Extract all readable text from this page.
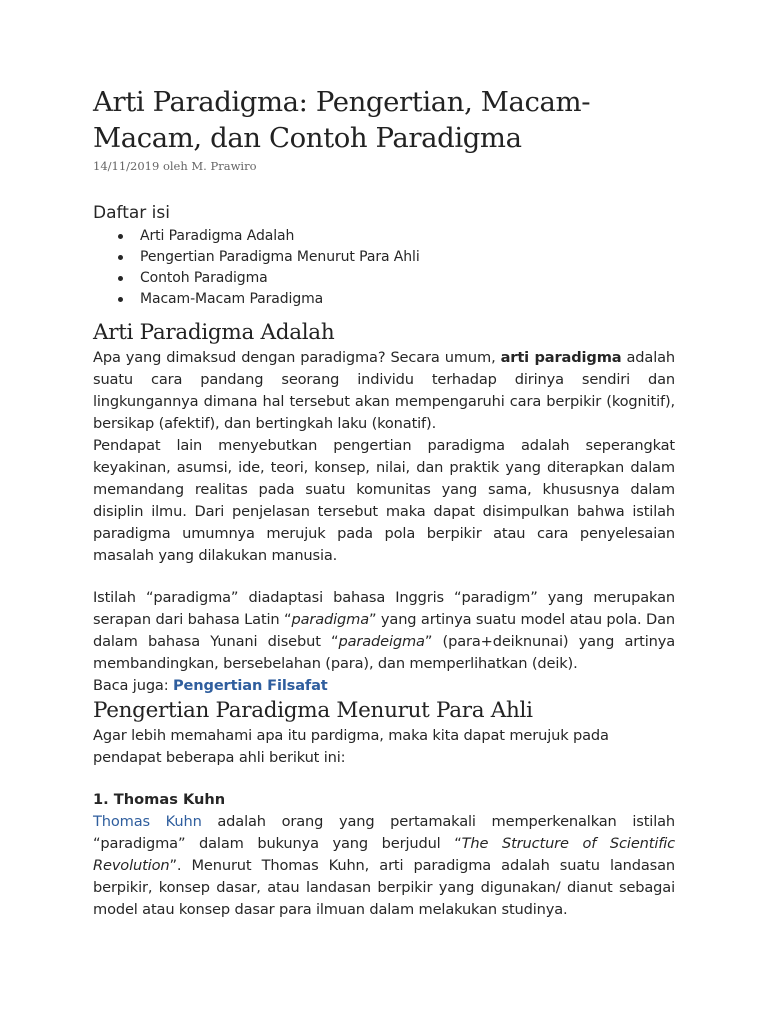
Arti Paradigma: Pengertian, Macam-Macam, dan Contoh Paradigma
14/11/2019 oleh M. Prawiro
Daftar isi
Arti Paradigma Adalah
Pengertian Paradigma Menurut Para Ahli
Contoh Paradigma
Macam-Macam Paradigma
Arti Paradigma Adalah

Apa yang dimaksud dengan paradigma? Secara umum, arti paradigma adalah suatu cara pandang seorang individu terhadap dirinya sendiri dan lingkungannya dimana hal tersebut akan mempengaruhi cara berpikir (kognitif), bersikap (afektif), dan bertingkah laku (konatif).

Pendapat lain menyebutkan pengertian paradigma adalah seperangkat keyakinan, asumsi, ide, teori, konsep, nilai, dan praktik yang diterapkan dalam memandang realitas pada suatu komunitas yang sama, khususnya dalam disiplin ilmu. Dari penjelasan tersebut maka dapat disimpulkan bahwa istilah paradigma umumnya merujuk pada pola berpikir atau cara penyelesaian masalah yang dilakukan manusia.

Istilah “paradigma” diadaptasi bahasa Inggris “paradigm” yang merupakan serapan dari bahasa Latin “paradigma” yang artinya suatu model atau pola. Dan dalam bahasa Yunani disebut “paradeigma” (para+deiknunai) yang artinya membandingkan, bersebelahan (para), dan memperlihatkan (deik).

Baca juga: Pengertian Filsafat

Pengertian Paradigma Menurut Para Ahli

Agar lebih memahami apa itu pardigma, maka kita dapat merujuk pada pendapat beberapa ahli berikut ini:

1. Thomas Kuhn

Thomas Kuhn adalah orang yang pertamakali memperkenalkan istilah “paradigma” dalam bukunya yang berjudul “The Structure of Scientific Revolution”. Menurut Thomas Kuhn, arti paradigma adalah suatu landasan berpikir, konsep dasar, atau landasan berpikir yang digunakan/ dianut sebagai model atau konsep dasar para ilmuan dalam melakukan studinya.
